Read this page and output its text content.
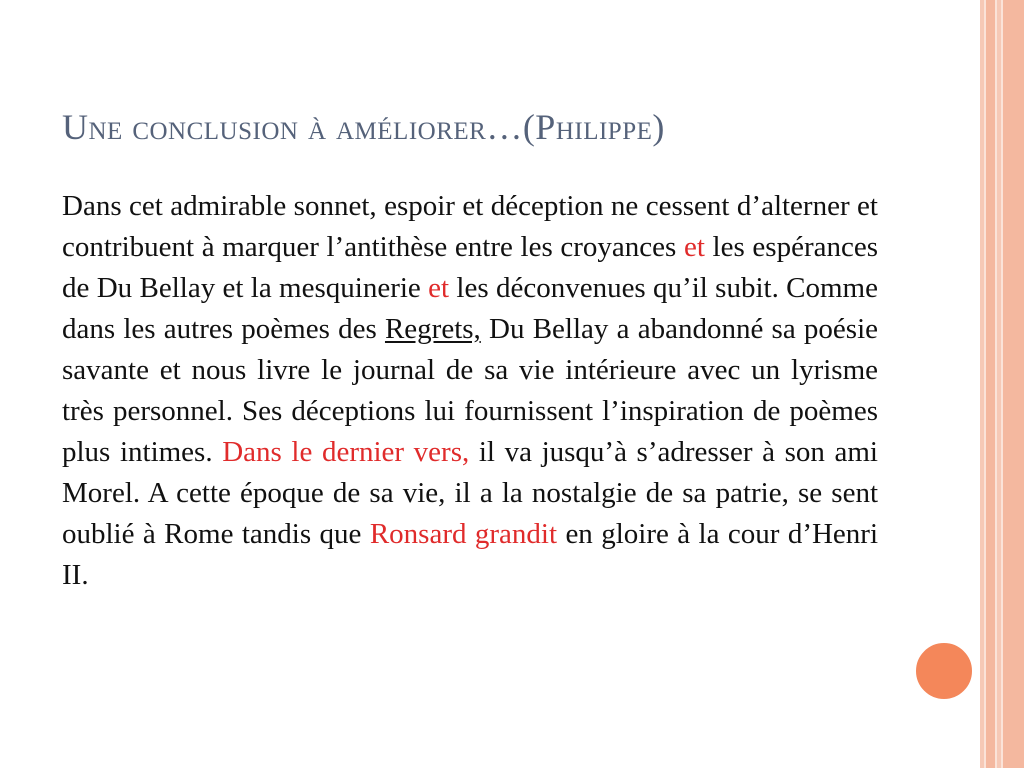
Une conclusion à améliorer…(Philippe)

Dans cet admirable sonnet, espoir et déception ne cessent d’alterner et contribuent à marquer l’antithèse entre les croyances et les espérances de Du Bellay et la mesquinerie et les déconvenues qu’il subit. Comme dans les autres poèmes des Regrets, Du Bellay a abandonné sa poésie savante et nous livre le journal de sa vie intérieure avec un lyrisme très personnel. Ses déceptions lui fournissent l’inspiration de poèmes plus intimes. Dans le dernier vers, il va jusqu’à s’adresser à son ami Morel. A cette époque de sa vie, il a la nostalgie de sa patrie, se sent oublié à Rome tandis que Ronsard grandit en gloire à la cour d’Henri II.
